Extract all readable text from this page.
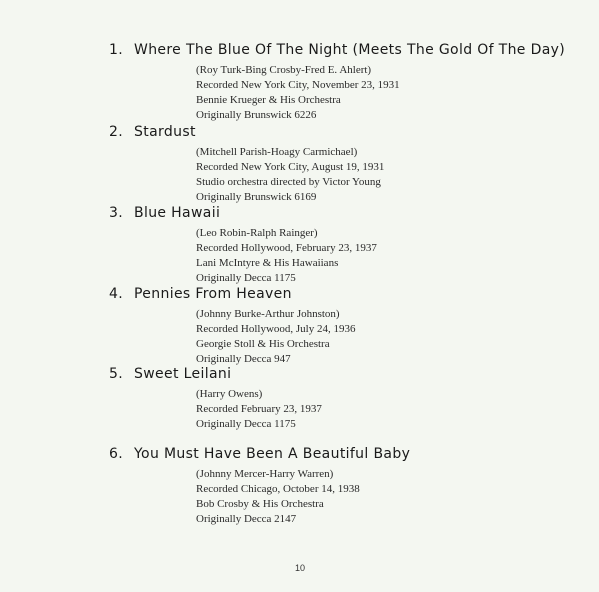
1. Where The Blue Of The Night (Meets The Gold Of The Day)
(Roy Turk-Bing Crosby-Fred E. Ahlert)
Recorded New York City, November 23, 1931
Bennie Krueger & His Orchestra
Originally Brunswick 6226
2. Stardust
(Mitchell Parish-Hoagy Carmichael)
Recorded New York City, August 19, 1931
Studio orchestra directed by Victor Young
Originally Brunswick 6169
3. Blue Hawaii
(Leo Robin-Ralph Rainger)
Recorded Hollywood, February 23, 1937
Lani McIntyre & His Hawaiians
Originally Decca 1175
4. Pennies From Heaven
(Johnny Burke-Arthur Johnston)
Recorded Hollywood, July 24, 1936
Georgie Stoll & His Orchestra
Originally Decca 947
5. Sweet Leilani
(Harry Owens)
Recorded February 23, 1937
Originally Decca 1175
6. You Must Have Been A Beautiful Baby
(Johnny Mercer-Harry Warren)
Recorded Chicago, October 14, 1938
Bob Crosby & His Orchestra
Originally Decca 2147
10
